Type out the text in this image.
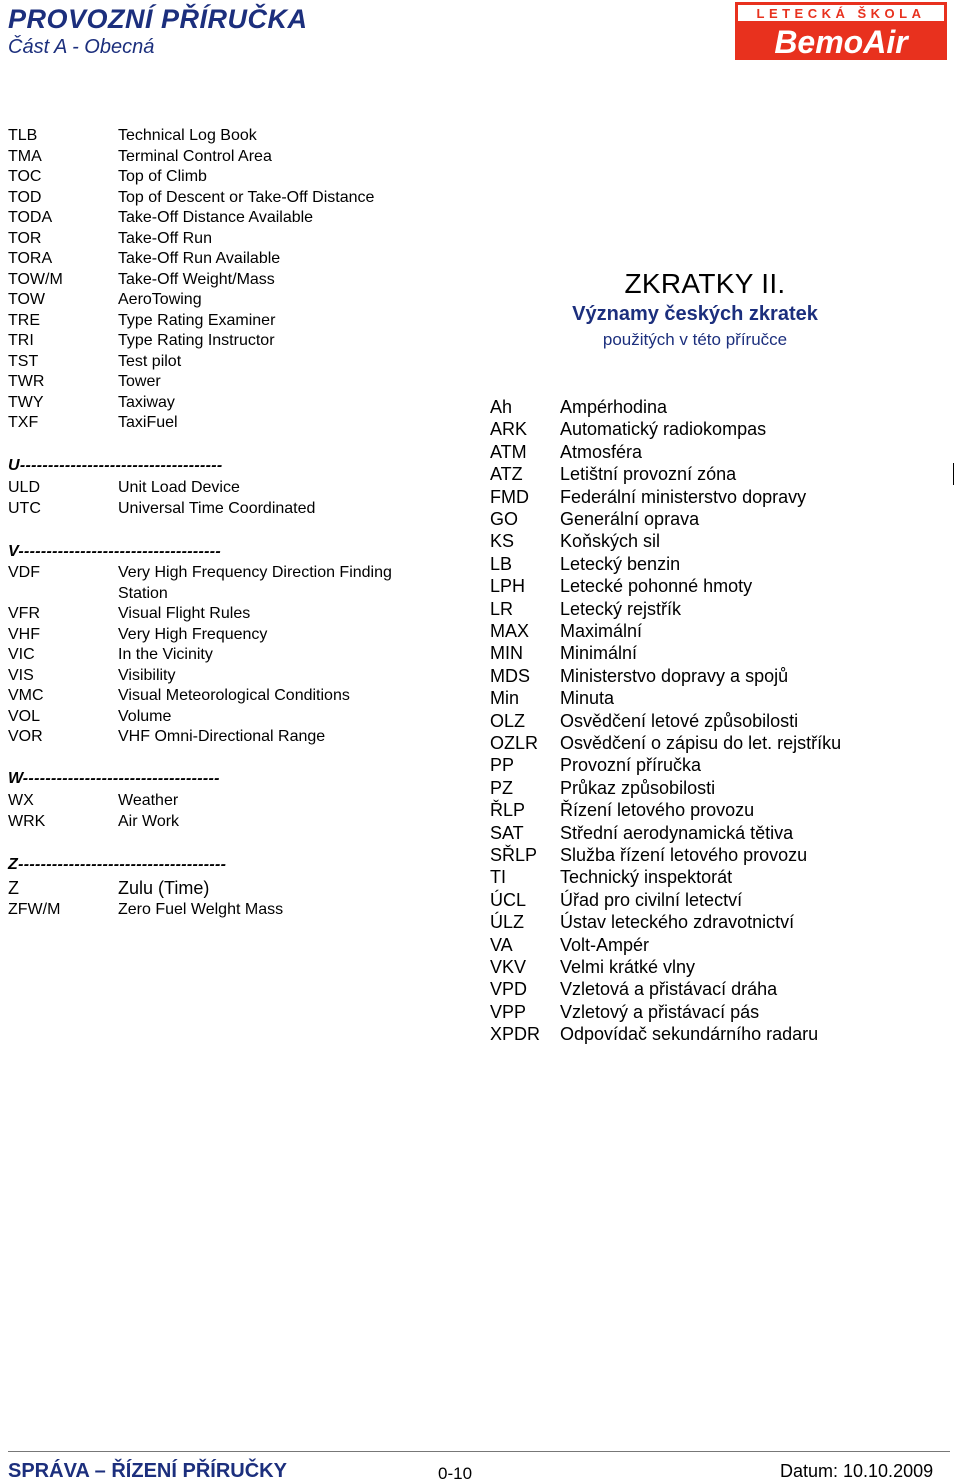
PROVOZNÍ PŘÍRUČKA
Část A - Obecná
LETECKÁ ŠKOLA
BemoAir
TLB	Technical Log Book
TMA	Terminal Control Area
TOC	Top of Climb
TOD	Top of Descent or Take-Off Distance
TODA	Take-Off Distance Available
TOR	Take-Off Run
TORA	Take-Off Run Available
TOW/M	Take-Off Weight/Mass
TOW	AeroTowing
TRE	Type Rating Examiner
TRI	Type Rating Instructor
TST	Test pilot
TWR	Tower
TWY	Taxiway
TXF	TaxiFuel
U------------------------------------
ULD	Unit Load Device
UTC	Universal Time Coordinated
V------------------------------------
VDF	Very High Frequency Direction Finding
Station
VFR	Visual Flight Rules
VHF	Very High Frequency
VIC	In the Vicinity
VIS	Visibility
VMC	Visual Meteorological Conditions
VOL	Volume
VOR	VHF Omni-Directional Range
W-----------------------------------
WX	Weather
WRK	Air Work
Z-------------------------------------
Z	Zulu (Time)
ZFW/M	Zero Fuel Welght Mass
ZKRATKY II.
Významy českých zkratek
použitých v této příručce
Ah	Ampérhodina
ARK Automatický radiokompas
ATM Atmosféra
ATZ Letištní provozní zóna
FMD Federální ministerstvo dopravy
GO Generální oprava
KS	Koňských sil
LB	Letecký benzin
LPH Letecké pohonné hmoty
LR	Letecký rejstřík
MAX Maximální
MIN Minimální
MDS Ministerstvo dopravy a spojů
Min Minuta
OLZ Osvědčení letové způsobilosti
OZLR Osvědčení o zápisu do let. rejstříku
PP	Provozní příručka
PZ	Průkaz způsobilosti
ŘLP Řízení letového provozu
SAT Střední aerodynamická tětiva
SŘLP Služba řízení letového provozu
TI	Technický inspektorát
ÚCL Úřad pro civilní letectví
ÚLZ Ústav leteckého zdravotnictví
VA	Volt-Ampér
VKV Velmi krátké vlny
VPD Vzletová a přistávací dráha
VPP Vzletový a přistávací pás
XPDR Odpovídač sekundárního radaru
SPRÁVA – ŘÍZENÍ PŘÍRUČKY	0-10	Datum: 10.10.2009
